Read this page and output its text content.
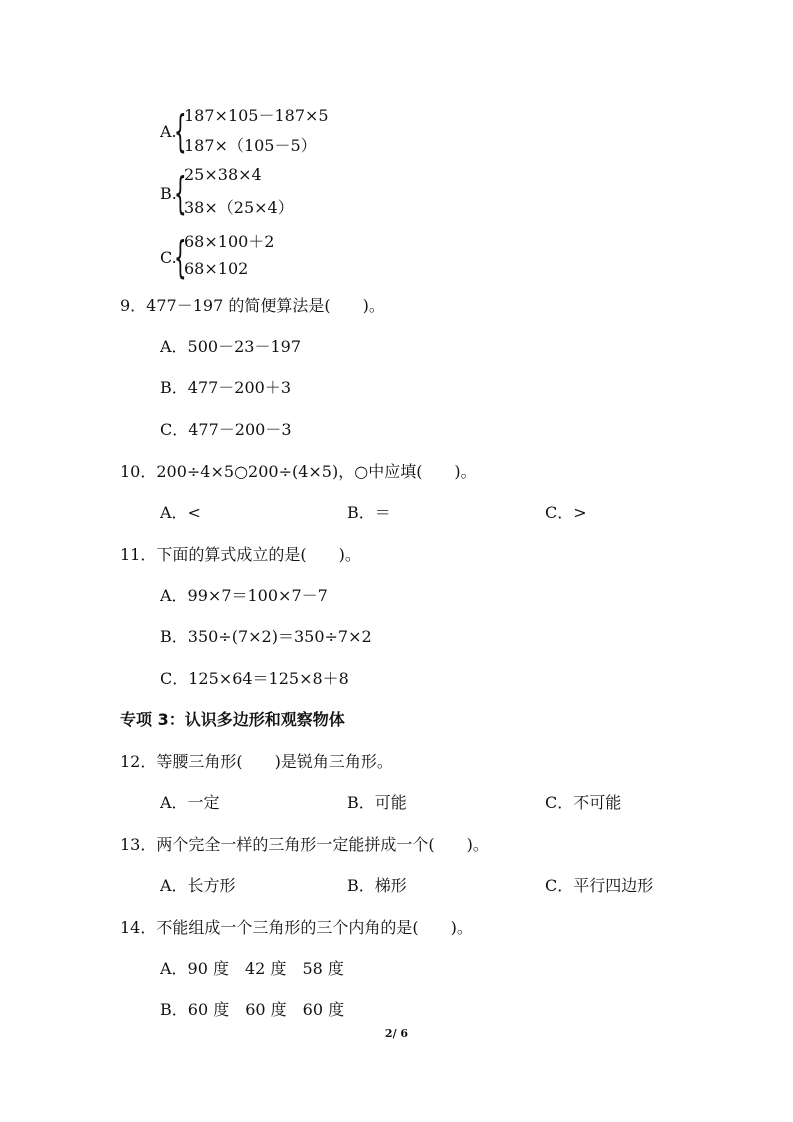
A.
{
187×105－187×5
187×（105－5）
B.
{
25×38×4
38×（25×4）
C.
{
68×100＋2
68×102
9．477－197 的简便算法是(　　)。
A．500－23－197
B．477－200＋3
C．477－200－3
10．200÷4×5○200÷(4×5)，○中应填(　　)。
A．<	B．＝	C．>
11．下面的算式成立的是(　　)。
A．99×7＝100×7－7
B．350÷(7×2)＝350÷7×2
C．125×64＝125×8＋8
专项 3：认识多边形和观察物体
12．等腰三角形(　　)是锐角三角形。
A．一定	B．可能	C．不可能
13．两个完全一样的三角形一定能拼成一个(　　)。
A．长方形	B．梯形	C．平行四边形
14．不能组成一个三角形的三个内角的是(　　)。
A．90 度　42 度　58 度
B．60 度　60 度　60 度
2/ 6
